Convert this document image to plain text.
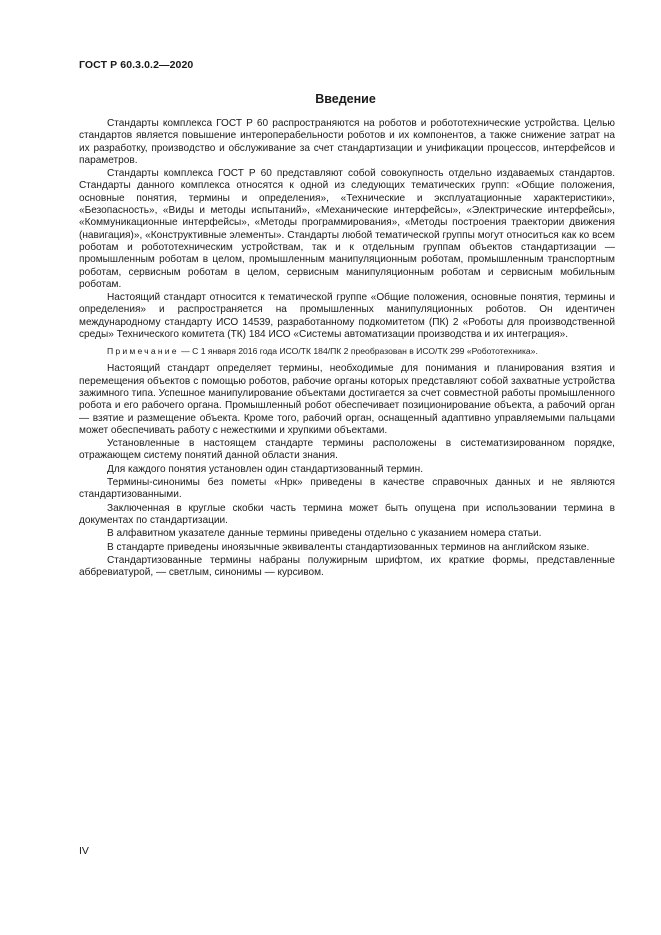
ГОСТ Р 60.3.0.2—2020
Введение

Стандарты комплекса ГОСТ Р 60 распространяются на роботов и робототехнические устройства. Целью стандартов является повышение интероперабельности роботов и их компонентов, а также снижение затрат на их разработку, производство и обслуживание за счет стандартизации и унификации процессов, интерфейсов и параметров.

Стандарты комплекса ГОСТ Р 60 представляют собой совокупность отдельно издаваемых стандартов. Стандарты данного комплекса относятся к одной из следующих тематических групп: «Общие положения, основные понятия, термины и определения», «Технические и эксплуатационные характеристики», «Безопасность», «Виды и методы испытаний», «Механические интерфейсы», «Электрические интерфейсы», «Коммуникационные интерфейсы», «Методы программирования», «Методы построения траектории движения (навигация)», «Конструктивные элементы». Стандарты любой тематической группы могут относиться как ко всем роботам и робототехническим устройствам, так и к отдельным группам объектов стандартизации — промышленным роботам в целом, промышленным манипуляционным роботам, промышленным транспортным роботам, сервисным роботам в целом, сервисным манипуляционным роботам и сервисным мобильным роботам.

Настоящий стандарт относится к тематической группе «Общие положения, основные понятия, термины и определения» и распространяется на промышленных манипуляционных роботов. Он идентичен международному стандарту ИСО 14539, разработанному подкомитетом (ПК) 2 «Роботы для производственной среды» Технического комитета (ТК) 184 ИСО «Системы автоматизации производства и их интеграция».

Примечание — С 1 января 2016 года ИСО/ТК 184/ПК 2 преобразован в ИСО/ТК 299 «Робототехника».

Настоящий стандарт определяет термины, необходимые для понимания и планирования взятия и перемещения объектов с помощью роботов, рабочие органы которых представляют собой захватные устройства зажимного типа. Успешное манипулирование объектами достигается за счет совместной работы промышленного робота и его рабочего органа. Промышленный робот обеспечивает позиционирование объекта, а рабочий орган — взятие и размещение объекта. Кроме того, рабочий орган, оснащенный адаптивно управляемыми пальцами может обеспечивать работу с нежесткими и хрупкими объектами.

Установленные в настоящем стандарте термины расположены в систематизированном порядке, отражающем систему понятий данной области знания.

Для каждого понятия установлен один стандартизованный термин.

Термины-синонимы без пометы «Нрк» приведены в качестве справочных данных и не являются стандартизованными.

Заключенная в круглые скобки часть термина может быть опущена при использовании термина в документах по стандартизации.

В алфавитном указателе данные термины приведены отдельно с указанием номера статьи.

В стандарте приведены иноязычные эквиваленты стандартизованных терминов на английском языке.

Стандартизованные термины набраны полужирным шрифтом, их краткие формы, представленные аббревиатурой, — светлым, синонимы — курсивом.

IV
